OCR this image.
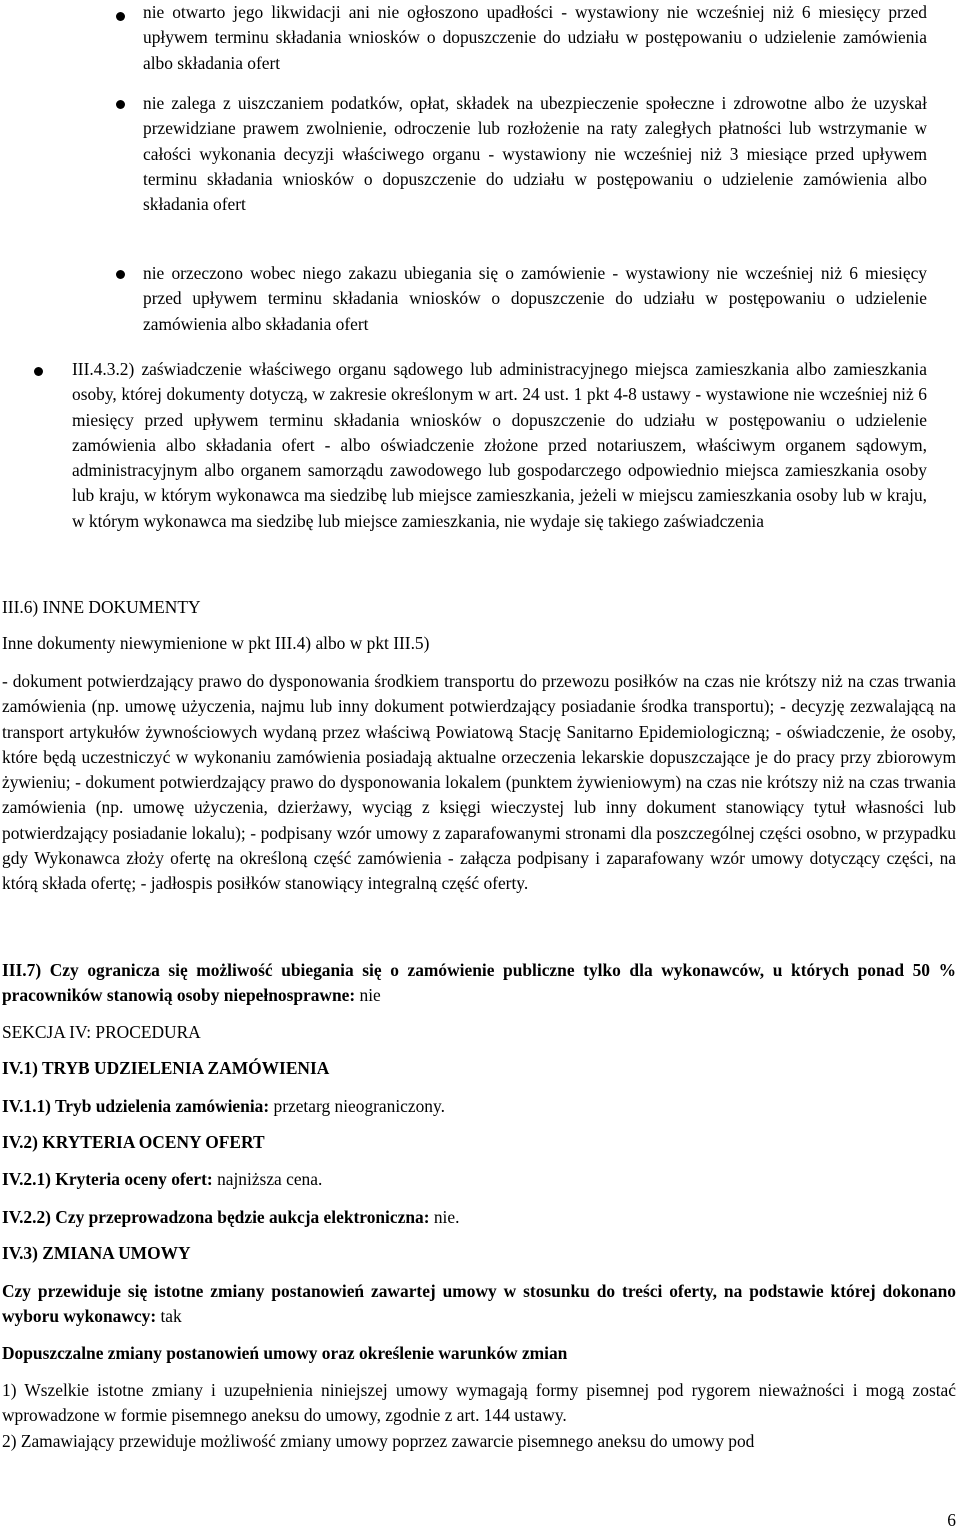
nie otwarto jego likwidacji ani nie ogłoszono upadłości - wystawiony nie wcześniej niż 6 miesięcy przed upływem terminu składania wniosków o dopuszczenie do udziału w postępowaniu o udzielenie zamówienia albo składania ofert

nie zalega z uiszczaniem podatków, opłat, składek na ubezpieczenie społeczne i zdrowotne albo że uzyskał przewidziane prawem zwolnienie, odroczenie lub rozłożenie na raty zaległych płatności lub wstrzymanie w całości wykonania decyzji właściwego organu - wystawiony nie wcześniej niż 3 miesiące przed upływem terminu składania wniosków o dopuszczenie do udziału w postępowaniu o udzielenie zamówienia albo składania ofert

nie orzeczono wobec niego zakazu ubiegania się o zamówienie - wystawiony nie wcześniej niż 6 miesięcy przed upływem terminu składania wniosków o dopuszczenie do udziału w postępowaniu o udzielenie zamówienia albo składania ofert

III.4.3.2) zaświadczenie właściwego organu sądowego lub administracyjnego miejsca zamieszkania albo zamieszkania osoby, której dokumenty dotyczą, w zakresie określonym w art. 24 ust. 1 pkt 4-8 ustawy - wystawione nie wcześniej niż 6 miesięcy przed upływem terminu składania wniosków o dopuszczenie do udziału w postępowaniu o udzielenie zamówienia albo składania ofert - albo oświadczenie złożone przed notariuszem, właściwym organem sądowym, administracyjnym albo organem samorządu zawodowego lub gospodarczego odpowiednio miejsca zamieszkania osoby lub kraju, w którym wykonawca ma siedzibę lub miejsce zamieszkania, jeżeli w miejscu zamieszkania osoby lub w kraju, w którym wykonawca ma siedzibę lub miejsce zamieszkania, nie wydaje się takiego zaświadczenia

III.6) INNE DOKUMENTY

Inne dokumenty niewymienione w pkt III.4) albo w pkt III.5)

- dokument potwierdzający prawo do dysponowania środkiem transportu do przewozu posiłków na czas nie krótszy niż na czas trwania zamówienia (np. umowę użyczenia, najmu lub inny dokument potwierdzający posiadanie środka transportu); - decyzję zezwalającą na transport artykułów żywnościowych wydaną przez właściwą Powiatową Stację Sanitarno Epidemiologiczną; - oświadczenie, że osoby, które będą uczestniczyć w wykonaniu zamówienia posiadają aktualne orzeczenia lekarskie dopuszczające je do pracy przy zbiorowym żywieniu; - dokument potwierdzający prawo do dysponowania lokalem (punktem żywieniowym) na czas nie krótszy niż na czas trwania zamówienia (np. umowę użyczenia, dzierżawy, wyciąg z księgi wieczystej lub inny dokument stanowiący tytuł własności lub potwierdzający posiadanie lokalu); - podpisany wzór umowy z zaparafowanymi stronami dla poszczególnej części osobno, w przypadku gdy Wykonawca złoży ofertę na określoną część zamówienia - załącza podpisany i zaparafowany wzór umowy dotyczący części, na którą składa ofertę; - jadłospis posiłków stanowiący integralną część oferty.

III.7) Czy ogranicza się możliwość ubiegania się o zamówienie publiczne tylko dla wykonawców, u których ponad 50 % pracowników stanowią osoby niepełnosprawne: nie

SEKCJA IV: PROCEDURA

IV.1) TRYB UDZIELENIA ZAMÓWIENIA

IV.1.1) Tryb udzielenia zamówienia: przetarg nieograniczony.

IV.2) KRYTERIA OCENY OFERT

IV.2.1) Kryteria oceny ofert: najniższa cena.

IV.2.2) Czy przeprowadzona będzie aukcja elektroniczna: nie.

IV.3) ZMIANA UMOWY

Czy przewiduje się istotne zmiany postanowień zawartej umowy w stosunku do treści oferty, na podstawie której dokonano wyboru wykonawcy: tak

Dopuszczalne zmiany postanowień umowy oraz określenie warunków zmian

1) Wszelkie istotne zmiany i uzupełnienia niniejszej umowy wymagają formy pisemnej pod rygorem nieważności i mogą zostać wprowadzone w formie pisemnego aneksu do umowy, zgodnie z art. 144 ustawy.

2) Zamawiający przewiduje możliwość zmiany umowy poprzez zawarcie pisemnego aneksu do umowy pod

6
